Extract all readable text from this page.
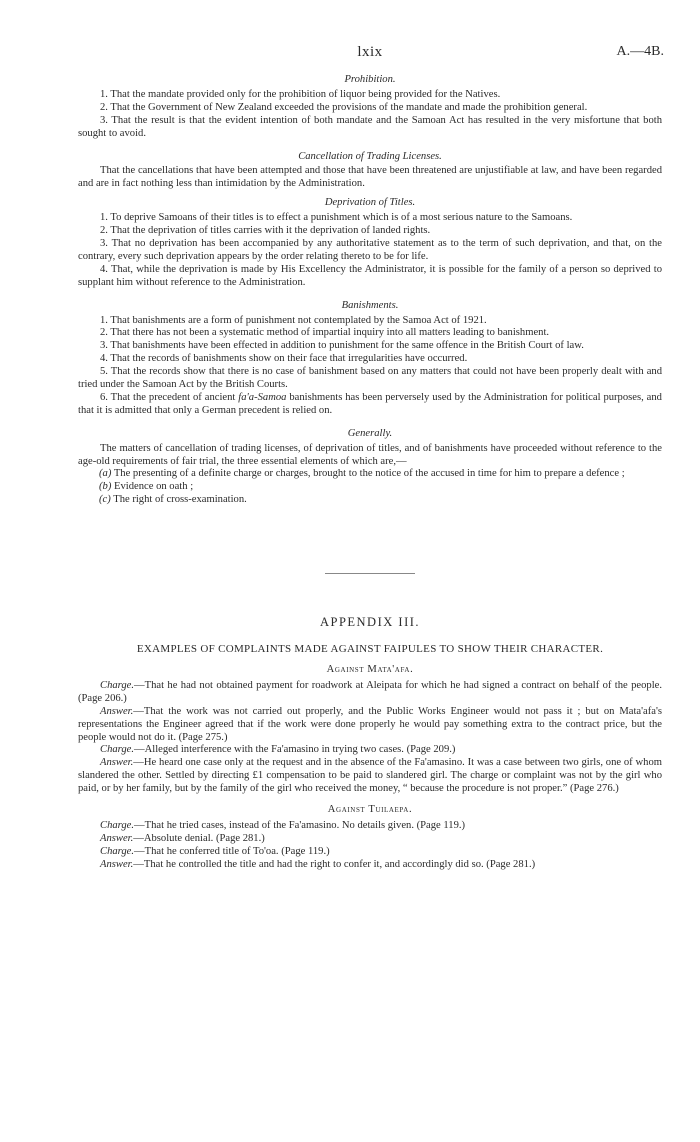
lxix	A.—4B.
Prohibition.

1. That the mandate provided only for the prohibition of liquor being provided for the Natives.

2. That the Government of New Zealand exceeded the provisions of the mandate and made the prohibition general.

3. That the result is that the evident intention of both mandate and the Samoan Act has resulted in the very misfortune that both sought to avoid.

Cancellation of Trading Licenses.

That the cancellations that have been attempted and those that have been threatened are unjustifiable at law, and have been regarded and are in fact nothing less than intimidation by the Administration.

Deprivation of Titles.

1. To deprive Samoans of their titles is to effect a punishment which is of a most serious nature to the Samoans.

2. That the deprivation of titles carries with it the deprivation of landed rights.

3. That no deprivation has been accompanied by any authoritative statement as to the term of such deprivation, and that, on the contrary, every such deprivation appears by the order relating thereto to be for life.

4. That, while the deprivation is made by His Excellency the Administrator, it is possible for the family of a person so deprived to supplant him without reference to the Administration.

Banishments.

1. That banishments are a form of punishment not contemplated by the Samoa Act of 1921.

2. That there has not been a systematic method of impartial inquiry into all matters leading to banishment.

3. That banishments have been effected in addition to punishment for the same offence in the British Court of law.

4. That the records of banishments show on their face that irregularities have occurred.

5. That the records show that there is no case of banishment based on any matters that could not have been properly dealt with and tried under the Samoan Act by the British Courts.

6. That the precedent of ancient fa'a-Samoa banishments has been perversely used by the Administration for political purposes, and that it is admitted that only a German precedent is relied on.

Generally.

The matters of cancellation of trading licenses, of deprivation of titles, and of banishments have proceeded without reference to the age-old requirements of fair trial, the three essential elements of which are,—

(a) The presenting of a definite charge or charges, brought to the notice of the accused in time for him to prepare a defence ;

(b) Evidence on oath ;

(c) The right of cross-examination.

APPENDIX III.
EXAMPLES OF COMPLAINTS MADE AGAINST FAIPULES TO SHOW THEIR CHARACTER.
Against Mata'afa.

Charge.—That he had not obtained payment for roadwork at Aleipata for which he had signed a contract on behalf of the people. (Page 206.)

Answer.—That the work was not carried out properly, and the Public Works Engineer would not pass it ; but on Mata'afa's representations the Engineer agreed that if the work were done properly he would pay something extra to the contract price, but the people would not do it. (Page 275.)

Charge.—Alleged interference with the Fa'amasino in trying two cases. (Page 209.)

Answer.—He heard one case only at the request and in the absence of the Fa'amasino. It was a case between two girls, one of whom slandered the other. Settled by directing £1 compensation to be paid to slandered girl. The charge or complaint was not by the girl who paid, or by her family, but by the family of the girl who received the money, “ because the procedure is not proper.” (Page 276.)

Against Tuilaepa.

Charge.—That he tried cases, instead of the Fa'amasino. No details given. (Page 119.)

Answer.—Absolute denial. (Page 281.)

Charge.—That he conferred title of To'oa. (Page 119.)

Answer.—That he controlled the title and had the right to confer it, and accordingly did so. (Page 281.)
